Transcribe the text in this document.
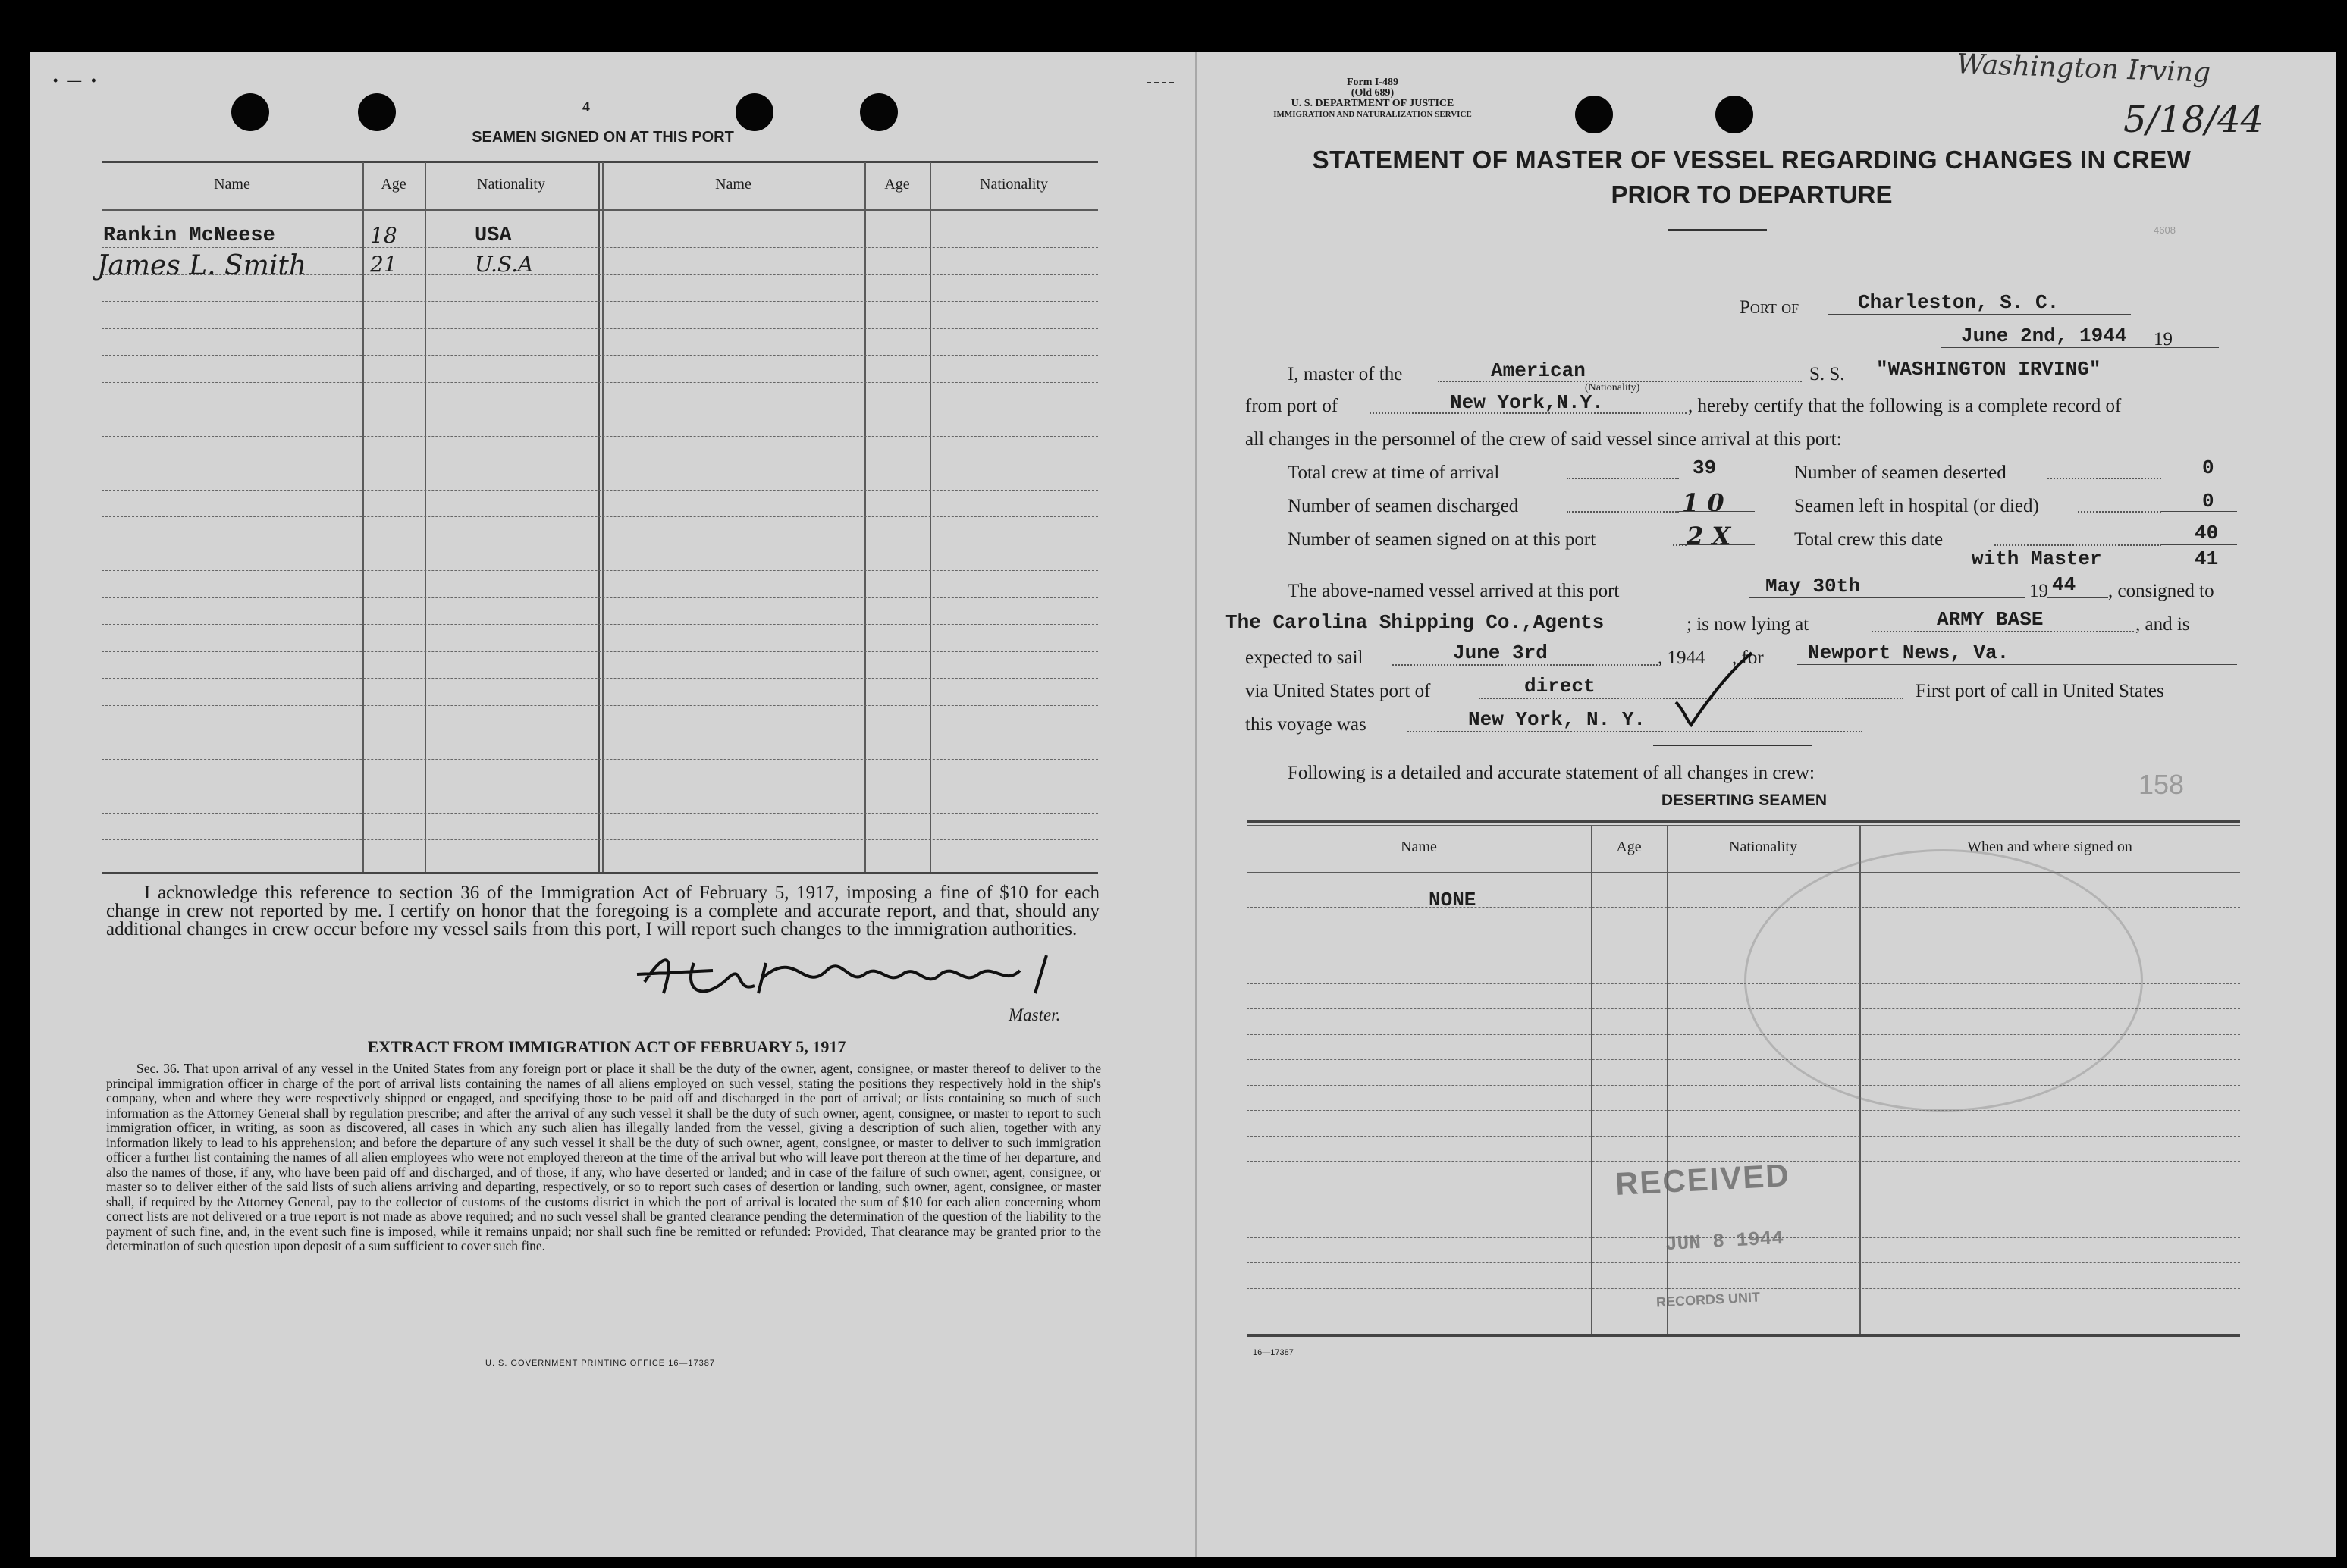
• — •
4
SEAMEN SIGNED ON AT THIS PORT
Name	Age	Nationality	Name	Age	Nationality
Rankin McNeese	18	USA
James L. Smith	21	U.S.A
I acknowledge this reference to section 36 of the Immigration Act of February 5, 1917, imposing a fine of $10 for each change in crew not reported by me. I certify on honor that the foregoing is a complete and accurate report, and that, should any additional changes in crew occur before my vessel sails from this port, I will report such changes to the immigration authorities.
Master.
EXTRACT FROM IMMIGRATION ACT OF FEBRUARY 5, 1917
Sec. 36. That upon arrival of any vessel in the United States from any foreign port or place it shall be the duty of the owner, agent, consignee, or master thereof to deliver to the principal immigration officer in charge of the port of arrival lists containing the names of all aliens employed on such vessel, stating the positions they respectively hold in the ship's company, when and where they were respectively shipped or engaged, and specifying those to be paid off and discharged in the port of arrival; or lists containing so much of such information as the Attorney General shall by regulation prescribe; and after the arrival of any such vessel it shall be the duty of such owner, agent, consignee, or master to report to such immigration officer, in writing, as soon as discovered, all cases in which any such alien has illegally landed from the vessel, giving a description of such alien, together with any information likely to lead to his apprehension; and before the departure of any such vessel it shall be the duty of such owner, agent, consignee, or master to deliver to such immigration officer a further list containing the names of all alien employees who were not employed thereon at the time of the arrival but who will leave port thereon at the time of her departure, and also the names of those, if any, who have been paid off and discharged, and of those, if any, who have deserted or landed; and in case of the failure of such owner, agent, consignee, or master so to deliver either of the said lists of such aliens arriving and departing, respectively, or so to report such cases of desertion or landing, such owner, agent, consignee, or master shall, if required by the Attorney General, pay to the collector of customs of the customs district in which the port of arrival is located the sum of $10 for each alien concerning whom correct lists are not delivered or a true report is not made as above required; and no such vessel shall be granted clearance pending the determination of the question of the liability to the payment of such fine, and, in the event such fine is imposed, while it remains unpaid; nor shall such fine be remitted or refunded: Provided, That clearance may be granted prior to the determination of such question upon deposit of a sum sufficient to cover such fine.
U. S. GOVERNMENT PRINTING OFFICE 16—17387
Form I-489
(Old 689)
U. S. DEPARTMENT OF JUSTICE
IMMIGRATION AND NATURALIZATION SERVICE
Washington Irving
5/18/44
STATEMENT OF MASTER OF VESSEL REGARDING CHANGES IN CREW
PRIOR TO DEPARTURE
4608
Port of	Charleston, S. C.
June 2nd, 1944 19
I, master of the	American
(Nationality)
S. S. "WASHINGTON IRVING"
from port of	New York,N.Y.	, hereby certify that the following is a complete record of
all changes in the personnel of the crew of said vessel since arrival at this port:
Total crew at time of arrival	39
Number of seamen discharged	1 0
Number of seamen signed on at this port	2 X
Number of seamen deserted	0
Seamen left in hospital (or died)	0
Total crew this date	40
with Master	41
The above-named vessel arrived at this port	May 30th	19 44 , consigned to
The Carolina Shipping Co.,Agents	; is now lying at	ARMY BASE	, and is
expected to sail	June 3rd	, 1944 , for Newport News, Va.
via United States port of	direct	First port of call in United States
this voyage was	New York, N. Y.
Following is a detailed and accurate statement of all changes in crew:	158
DESERTING SEAMEN
Name	Age	Nationality	When and where signed on
NONE
RECEIVED
JUN 8 1944
RECORDS UNIT
16—17387
